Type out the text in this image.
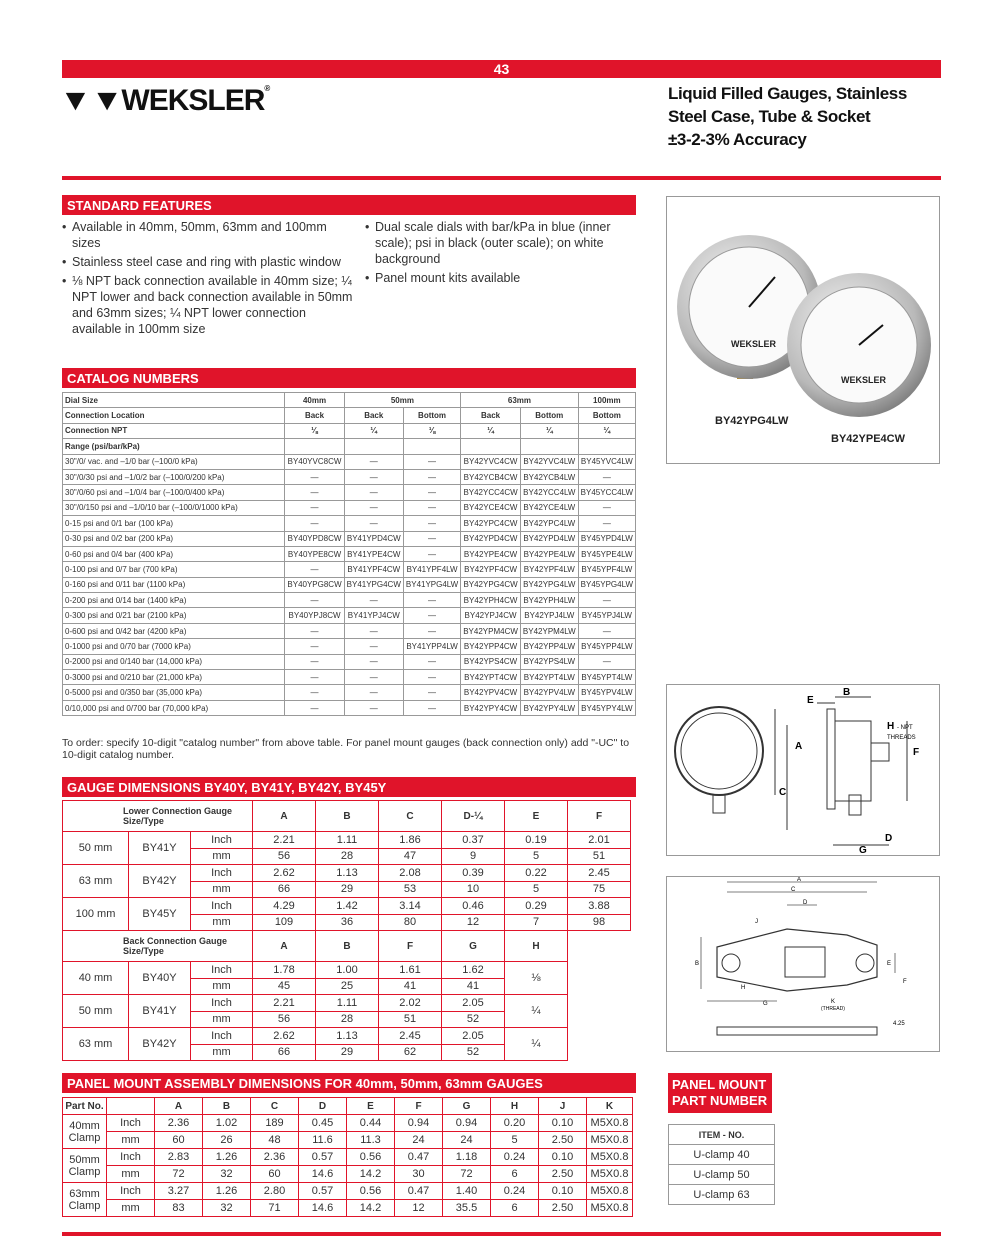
43
▼▼WEKSLER®	Liquid Filled Gauges, Stainless
Steel Case, Tube & Socket
±3-2-3% Accuracy
STANDARD FEATURES
• Available in 40mm, 50mm, 63mm and 100mm sizes
• Stainless steel case and ring with plastic window
• ⅛ NPT back connection available in 40mm size; ¼ NPT lower and back connection available in 50mm and 63mm sizes; ¼ NPT lower connection available in 100mm size
• Dual scale dials with bar/kPa in blue (inner scale); psi in black (outer scale); on white background
• Panel mount kits available
WEKSLER
WEKSLER
BY42YPG4LW
BY42YPE4CW
CATALOG NUMBERS
Dial Size	40mm	50mm		63mm		100mm
Connection Location	Back	Back	Bottom	Back	Bottom	Bottom
Connection NPT	⅛	¼	⅛	¼	¼	¼
Range (psi/bar/kPa)						
30"/0/ vac. and –1/0 bar (–100/0 kPa)	BY40YVC8CW	—	—	BY42YVC4CW	BY42YVC4LW	BY45YVC4LW
30"/0/30 psi and –1/0/2 bar (–100/0/200 kPa)	—	—	—	BY42YCB4CW	BY42YCB4LW	—
30"/0/60 psi and –1/0/4 bar (–100/0/400 kPa)	—	—	—	BY42YCC4CW	BY42YCC4LW	BY45YCC4LW
30"/0/150 psi and –1/0/10 bar (–100/0/1000 kPa)	—	—	—	BY42YCE4CW	BY42YCE4LW	—
0-15 psi and 0/1 bar (100 kPa)	—	—	—	BY42YPC4CW	BY42YPC4LW	—
0-30 psi and 0/2 bar (200 kPa)	BY40YPD8CW	BY41YPD4CW	—	BY42YPD4CW	BY42YPD4LW	BY45YPD4LW
0-60 psi and 0/4 bar (400 kPa)	BY40YPE8CW	BY41YPE4CW	—	BY42YPE4CW	BY42YPE4LW	BY45YPE4LW
0-100 psi and 0/7 bar (700 kPa)	—	BY41YPF4CW	BY41YPF4LW	BY42YPF4CW	BY42YPF4LW	BY45YPF4LW
0-160 psi and 0/11 bar (1100 kPa)	BY40YPG8CW	BY41YPG4CW	BY41YPG4LW	BY42YPG4CW	BY42YPG4LW	BY45YPG4LW
0-200 psi and 0/14 bar (1400 kPa)	—	—	—	BY42YPH4CW	BY42YPH4LW	—
0-300 psi and 0/21 bar (2100 kPa)	BY40YPJ8CW	BY41YPJ4CW	—	BY42YPJ4CW	BY42YPJ4LW	BY45YPJ4LW
0-600 psi and 0/42 bar (4200 kPa)	—	—	—	BY42YPM4CW	BY42YPM4LW	—
0-1000 psi and 0/70 bar (7000 kPa)	—	—	BY41YPP4LW	BY42YPP4CW	BY42YPP4LW	BY45YPP4LW
0-2000 psi and 0/140 bar (14,000 kPa)	—	—	—	BY42YPS4CW	BY42YPS4LW	—
0-3000 psi and 0/210 bar (21,000 kPa)	—	—	—	BY42YPT4CW	BY42YPT4LW	BY45YPT4LW
0-5000 psi and 0/350 bar (35,000 kPa)	—	—	—	BY42YPV4CW	BY42YPV4LW	BY45YPV4LW
0/10,000 psi and 0/700 bar (70,000 kPa)	—	—	—	BY42YPY4CW	BY42YPY4LW	BY45YPY4LW
To order: specify 10-digit "catalog number" from above table. For panel mount gauges (back connection only) add "-UC" to 10-digit catalog number.
GAUGE DIMENSIONS BY40Y, BY41Y, BY42Y, BY45Y
Lower Connection Gauge Size/Type			A	B	C	D-¼	E	F
50 mm	BY41Y	Inch	2.21	1.11	1.86	0.37	0.19	2.01
		mm	56	28	47	9	5	51
63 mm	BY42Y	Inch	2.62	1.13	2.08	0.39	0.22	2.45
		mm	66	29	53	10	5	75
100 mm	BY45Y	Inch	4.29	1.42	3.14	0.46	0.29	3.88
		mm	109	36	80	12	7	98
Back Connection Gauge Size/Type			A	B	F	G	H	
40 mm	BY40Y	Inch	1.78	1.00	1.61	1.62	⅛	
		mm	45	25	41	41		
50 mm	BY41Y	Inch	2.21	1.11	2.02	2.05	¼	
		mm	56	28	51	52		
63 mm	BY42Y	Inch	2.62	1.13	2.45	2.05	¼	
		mm	66	29	62	52		
PANEL MOUNT ASSEMBLY DIMENSIONS FOR 40mm, 50mm, 63mm GAUGES
Part No.		A	B	C	D	E	F	G	H	J	K
40mm Clamp	Inch	2.36	1.02	189	0.45	0.44	0.94	0.94	0.20	0.10	M5X0.8
	mm	60	26	48	11.6	11.3	24	24	5	2.50	M5X0.8
50mm Clamp	Inch	2.83	1.26	2.36	0.57	0.56	0.47	1.18	0.24	0.10	M5X0.8
	mm	72	32	60	14.6	14.2	30	72	6	2.50	M5X0.8
63mm Clamp	Inch	3.27	1.26	2.80	0.57	0.56	0.47	1.40	0.24	0.10	M5X0.8
	mm	83	32	71	14.6	14.2	12	35.5	6	2.50	M5X0.8
B
E
A
C
H - NPT
THREADS
F
D
G
A
C
D
J
B
H
G	K
(THREAD)
E
F
4.25
PANEL MOUNT
PART NUMBER
ITEM - NO.
U-clamp 40
U-clamp 50
U-clamp 63
